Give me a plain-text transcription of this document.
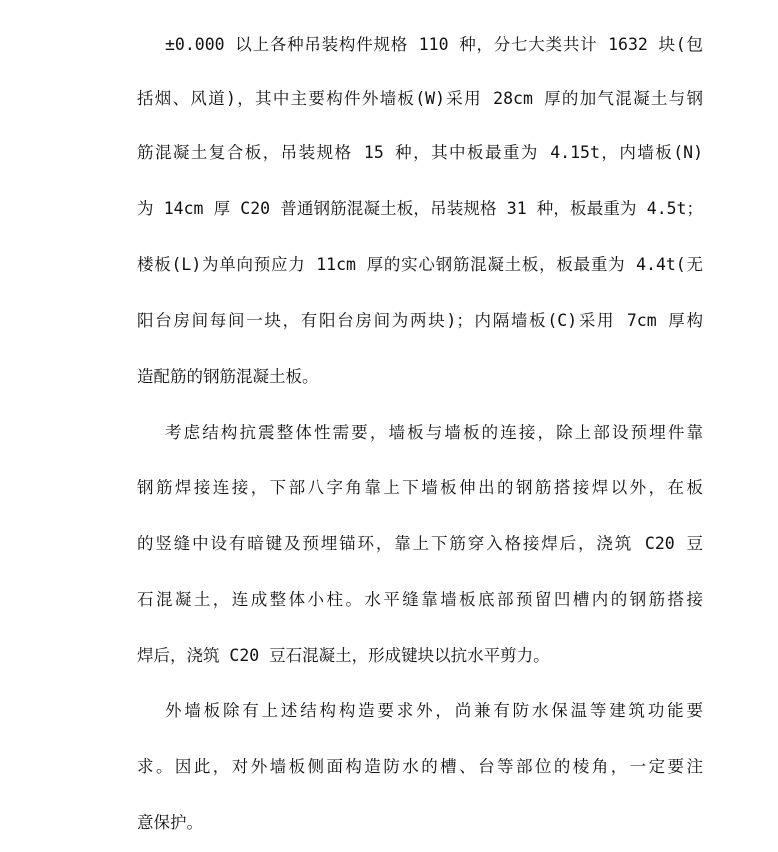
±0.000 以上各种吊装构件规格 110 种，分七大类共计 1632 块(包
括烟、风道)，其中主要构件外墙板(W)采用 28cm 厚的加气混凝土与钢
筋混凝土复合板，吊装规格 15 种，其中板最重为 4.15t，内墙板(N)
为 14cm 厚 C20 普通钢筋混凝土板，吊装规格 31 种，板最重为 4.5t；
楼板(L)为单向预应力 11cm 厚的实心钢筋混凝土板，板最重为 4.4t(无
阳台房间每间一块，有阳台房间为两块)；内隔墙板(C)采用 7cm 厚构
造配筋的钢筋混凝土板。
考虑结构抗震整体性需要，墙板与墙板的连接，除上部设预埋件靠
钢筋焊接连接，下部八字角靠上下墙板伸出的钢筋搭接焊以外，在板
的竖缝中设有暗键及预埋锚环，靠上下筋穿入格接焊后，浇筑 C20 豆
石混凝土，连成整体小柱。水平缝靠墙板底部预留凹槽内的钢筋搭接
焊后，浇筑 C20 豆石混凝土，形成键块以抗水平剪力。
外墙板除有上述结构构造要求外，尚兼有防水保温等建筑功能要
求。因此，对外墙板侧面构造防水的槽、台等部位的棱角，一定要注
意保护。
